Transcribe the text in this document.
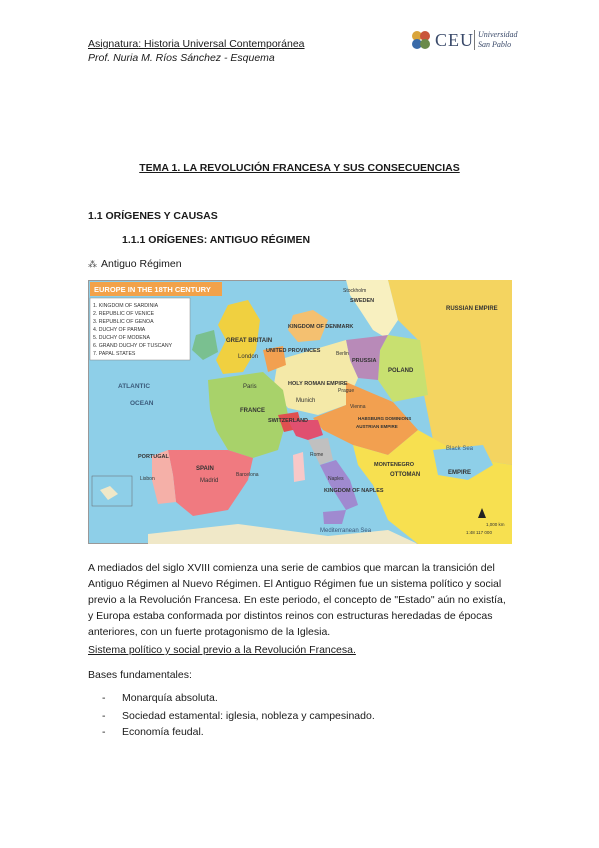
Asignatura: Historia Universal Contemporánea
Prof. Nuria M. Ríos Sánchez - Esquema
CEU Universidad
San Pablo
TEMA 1. LA REVOLUCIÓN FRANCESA Y SUS CONSECUENCIAS
1.1 ORÍGENES Y CAUSAS
1.1.1 ORÍGENES: ANTIGUO RÉGIMEN
⁂ Antiguo Régimen
EUROPE IN THE 18TH CENTURY
1. KINGDOM OF SARDINIA
2. REPUBLIC OF VENICE
3. REPUBLIC OF GENOA
4. DUCHY OF PARMA
5. DUCHY OF MODENA
6. GRAND DUCHY OF TUSCANY
7. PAPAL STATES
ATLANTIC
OCEAN
GREAT BRITAIN
London
UNITED PROVINCES
Paris
FRANCE
HOLY ROMAN EMPIRE
Munich
SWITZERLAND
SPAIN
Madrid
Barcelona
PORTUGAL
Lisbon
KINGDOM OF DENMARK
SWEDEN
Stockholm
RUSSIAN EMPIRE
POLAND
PRUSSIA
Berlin
Prague
Vienna
HABSBURG DOMINIONS
AUSTRIAN EMPIRE
Rome
Naples
KINGDOM OF NAPLES
MONTENEGRO
OTTOMAN	EMPIRE
Black Sea
Mediterranean Sea	1:48 117 000
1,000 km
A mediados del siglo XVIII comienza una serie de cambios que marcan la transición del Antiguo Régimen al Nuevo Régimen. El Antiguo Régimen fue un sistema político y social previo a la Revolución Francesa. En este periodo, el concepto de "Estado" aún no existía, y Europa estaba conformada por distintos reinos con estructuras heredadas de épocas anteriores, con un fuerte protagonismo de la Iglesia.
Sistema político y social previo a la Revolución Francesa.
Bases fundamentales:
- Monarquía absoluta.
- Sociedad estamental: iglesia, nobleza y campesinado.
- Economía feudal.
